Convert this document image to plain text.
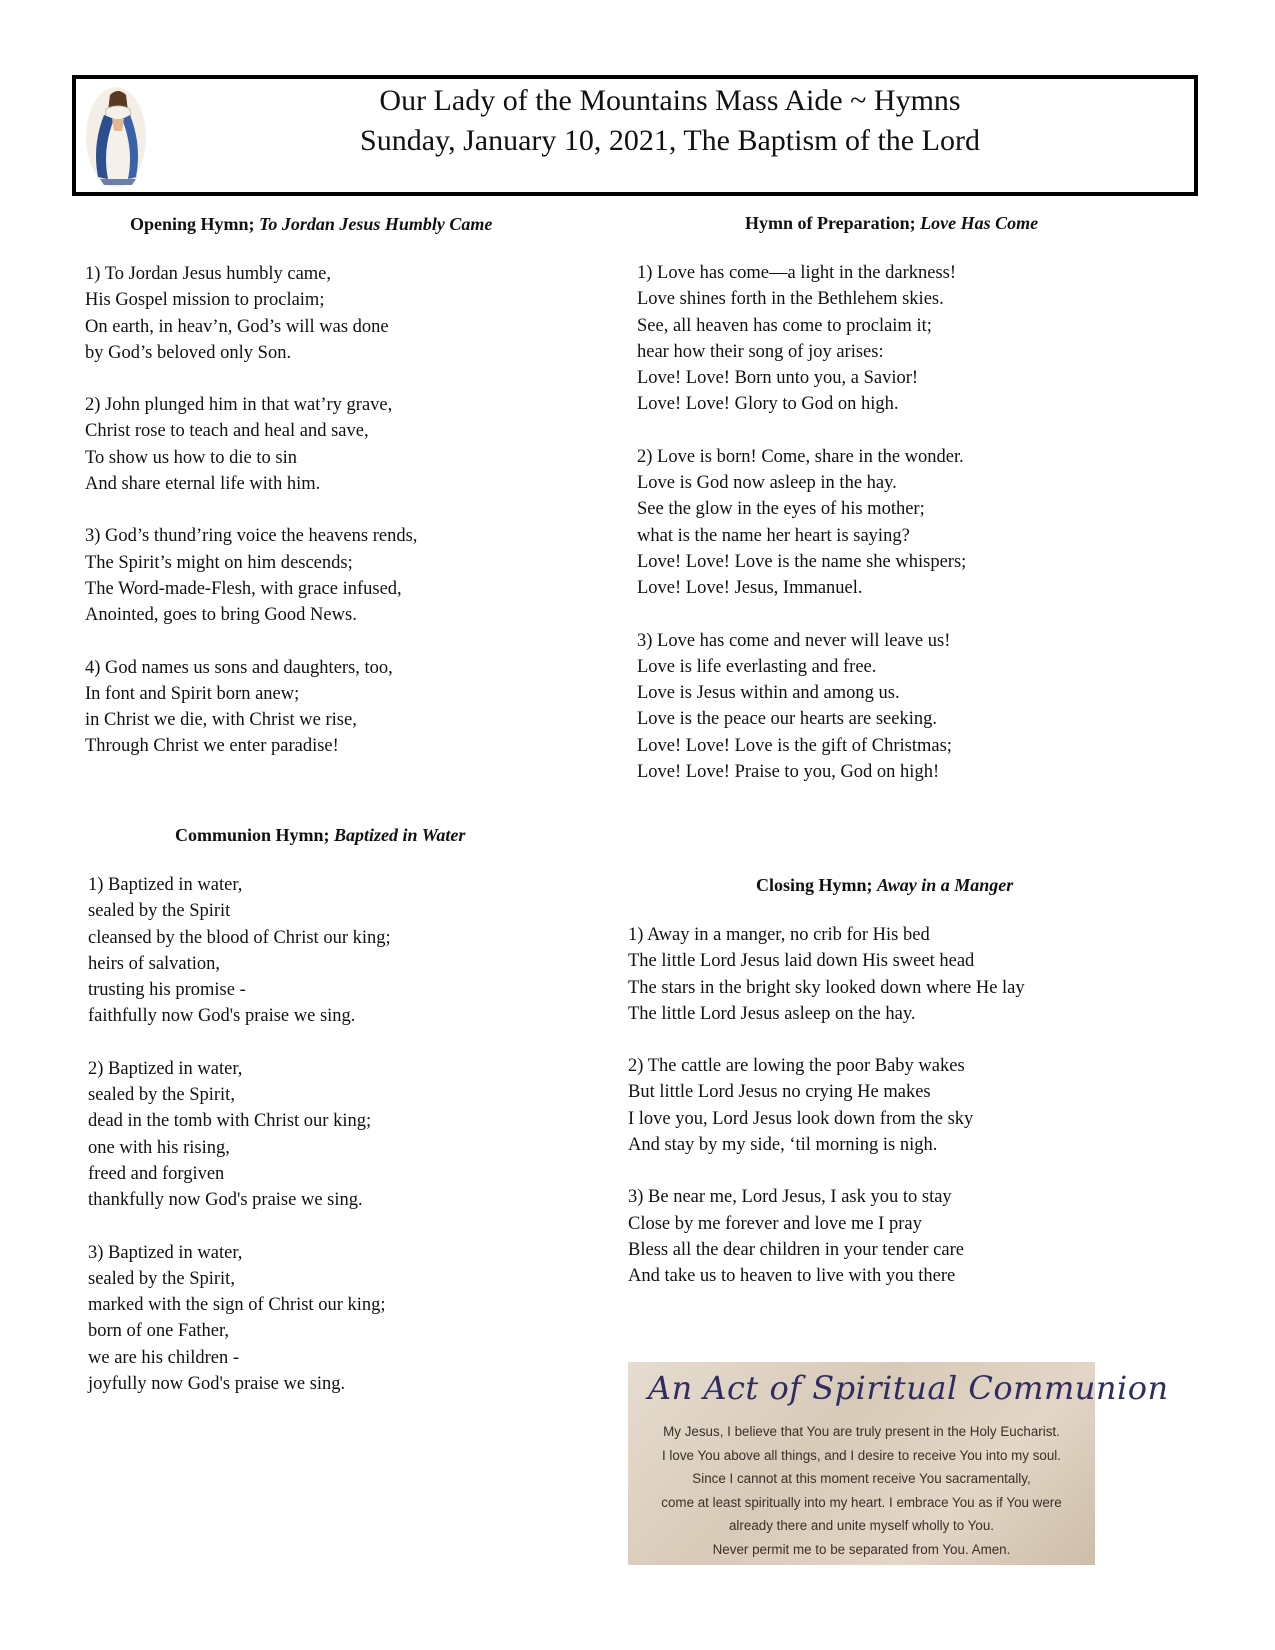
Our Lady of the Mountains Mass Aide ~ Hymns
Sunday, January 10, 2021, The Baptism of the Lord
Opening Hymn; To Jordan Jesus Humbly Came
1) To Jordan Jesus humbly came,
His Gospel mission to proclaim;
On earth, in heav’n, God’s will was done
by God’s beloved only Son.
2) John plunged him in that wat’ry grave,
Christ rose to teach and heal and save,
To show us how to die to sin
And share eternal life with him.
3) God’s thund’ring voice the heavens rends,
The Spirit’s might on him descends;
The Word-made-Flesh, with grace infused,
Anointed, goes to bring Good News.
4) God names us sons and daughters, too,
In font and Spirit born anew;
in Christ we die, with Christ we rise,
Through Christ we enter paradise!
Hymn of Preparation; Love Has Come
1) Love has come—a light in the darkness!
Love shines forth in the Bethlehem skies.
See, all heaven has come to proclaim it;
hear how their song of joy arises:
Love! Love! Born unto you, a Savior!
Love! Love! Glory to God on high.
2) Love is born! Come, share in the wonder.
Love is God now asleep in the hay.
See the glow in the eyes of his mother;
what is the name her heart is saying?
Love! Love! Love is the name she whispers;
Love! Love! Jesus, Immanuel.
3) Love has come and never will leave us!
Love is life everlasting and free.
Love is Jesus within and among us.
Love is the peace our hearts are seeking.
Love! Love! Love is the gift of Christmas;
Love! Love! Praise to you, God on high!
Communion Hymn; Baptized in Water
1) Baptized in water,
sealed by the Spirit
cleansed by the blood of Christ our king;
heirs of salvation,
trusting his promise -
faithfully now God's praise we sing.
2) Baptized in water,
sealed by the Spirit,
dead in the tomb with Christ our king;
one with his rising,
freed and forgiven
thankfully now God's praise we sing.
3) Baptized in water,
sealed by the Spirit,
marked with the sign of Christ our king;
born of one Father,
we are his children -
joyfully now God's praise we sing.
Closing Hymn; Away in a Manger
1) Away in a manger, no crib for His bed
The little Lord Jesus laid down His sweet head
The stars in the bright sky looked down where He lay
The little Lord Jesus asleep on the hay.
2) The cattle are lowing the poor Baby wakes
But little Lord Jesus no crying He makes
I love you, Lord Jesus look down from the sky
And stay by my side, ‘til morning is nigh.
3) Be near me, Lord Jesus, I ask you to stay
Close by me forever and love me I pray
Bless all the dear children in your tender care
And take us to heaven to live with you there
An Act of Spiritual Communion
My Jesus, I believe that You are truly present in the Holy Eucharist.
I love You above all things, and I desire to receive You into my soul.
Since I cannot at this moment receive You sacramentally,
come at least spiritually into my heart. I embrace You as if You were
already there and unite myself wholly to You.
Never permit me to be separated from You. Amen.
